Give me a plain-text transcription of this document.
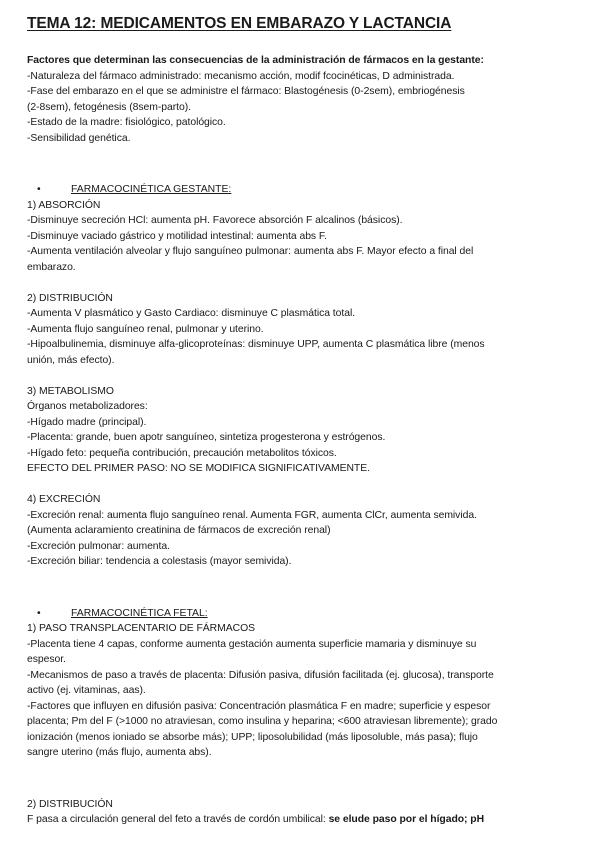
TEMA 12: MEDICAMENTOS EN EMBARAZO Y LACTANCIA

Factores que determinan las consecuencias de la administración de fármacos en la gestante:

-Naturaleza del fármaco administrado: mecanismo acción, modif fcocinéticas, D administrada.

-Fase del embarazo en el que se administre el fármaco: Blastogénesis (0-2sem), embriogénesis

(2-8sem), fetogénesis (8sem-parto).

-Estado de la madre: fisiológico, patológico.

-Sensibilidad genética.

•	FARMACOCINÉTICA GESTANTE:

1) ABSORCIÓN

-Disminuye secreción HCl: aumenta pH. Favorece absorción F alcalinos (básicos).

-Disminuye vaciado gástrico y motilidad intestinal: aumenta abs F.

-Aumenta ventilación alveolar y flujo sanguíneo pulmonar: aumenta abs F. Mayor efecto a final del

embarazo.

2) DISTRIBUCIÓN

-Aumenta V plasmático y Gasto Cardiaco: disminuye C plasmática total.

-Aumenta flujo sanguíneo renal, pulmonar y uterino.

-Hipoalbulinemia, disminuye alfa-glicoproteínas: disminuye UPP, aumenta C plasmática libre (menos

unión, más efecto).

3) METABOLISMO

Órganos metabolizadores:

-Hígado madre (principal).

-Placenta: grande, buen apotr sanguíneo, sintetiza progesterona y estrógenos.

-Hígado feto: pequeña contribución, precaución metabolitos tóxicos.

EFECTO DEL PRIMER PASO: NO SE MODIFICA SIGNIFICATIVAMENTE.

4) EXCRECIÓN

-Excreción renal: aumenta flujo sanguíneo renal. Aumenta FGR, aumenta ClCr, aumenta semivida.

(Aumenta aclaramiento creatinina de fármacos de excreción renal)

-Excreción pulmonar: aumenta.

-Excreción biliar: tendencia a colestasis (mayor semivida).

•	FARMACOCINÉTICA FETAL:

1) PASO TRANSPLACENTARIO DE FÁRMACOS

-Placenta tiene 4 capas, conforme aumenta gestación aumenta superficie mamaria y disminuye su

espesor.

-Mecanismos de paso a través de placenta: Difusión pasiva, difusión facilitada (ej. glucosa), transporte

activo (ej. vitaminas, aas).

-Factores que influyen en difusión pasiva: Concentración plasmática F en madre; superficie y espesor

placenta; Pm del F (>1000 no atraviesan, como insulina y heparina; <600 atraviesan libremente); grado

ionización (menos ioniado se absorbe más); UPP; liposolubilidad (más liposoluble, más pasa); flujo

sangre uterino (más flujo, aumenta abs).

2) DISTRIBUCIÓN

F pasa a circulación general del feto a través de cordón umbilical: se elude paso por el hígado; pH
